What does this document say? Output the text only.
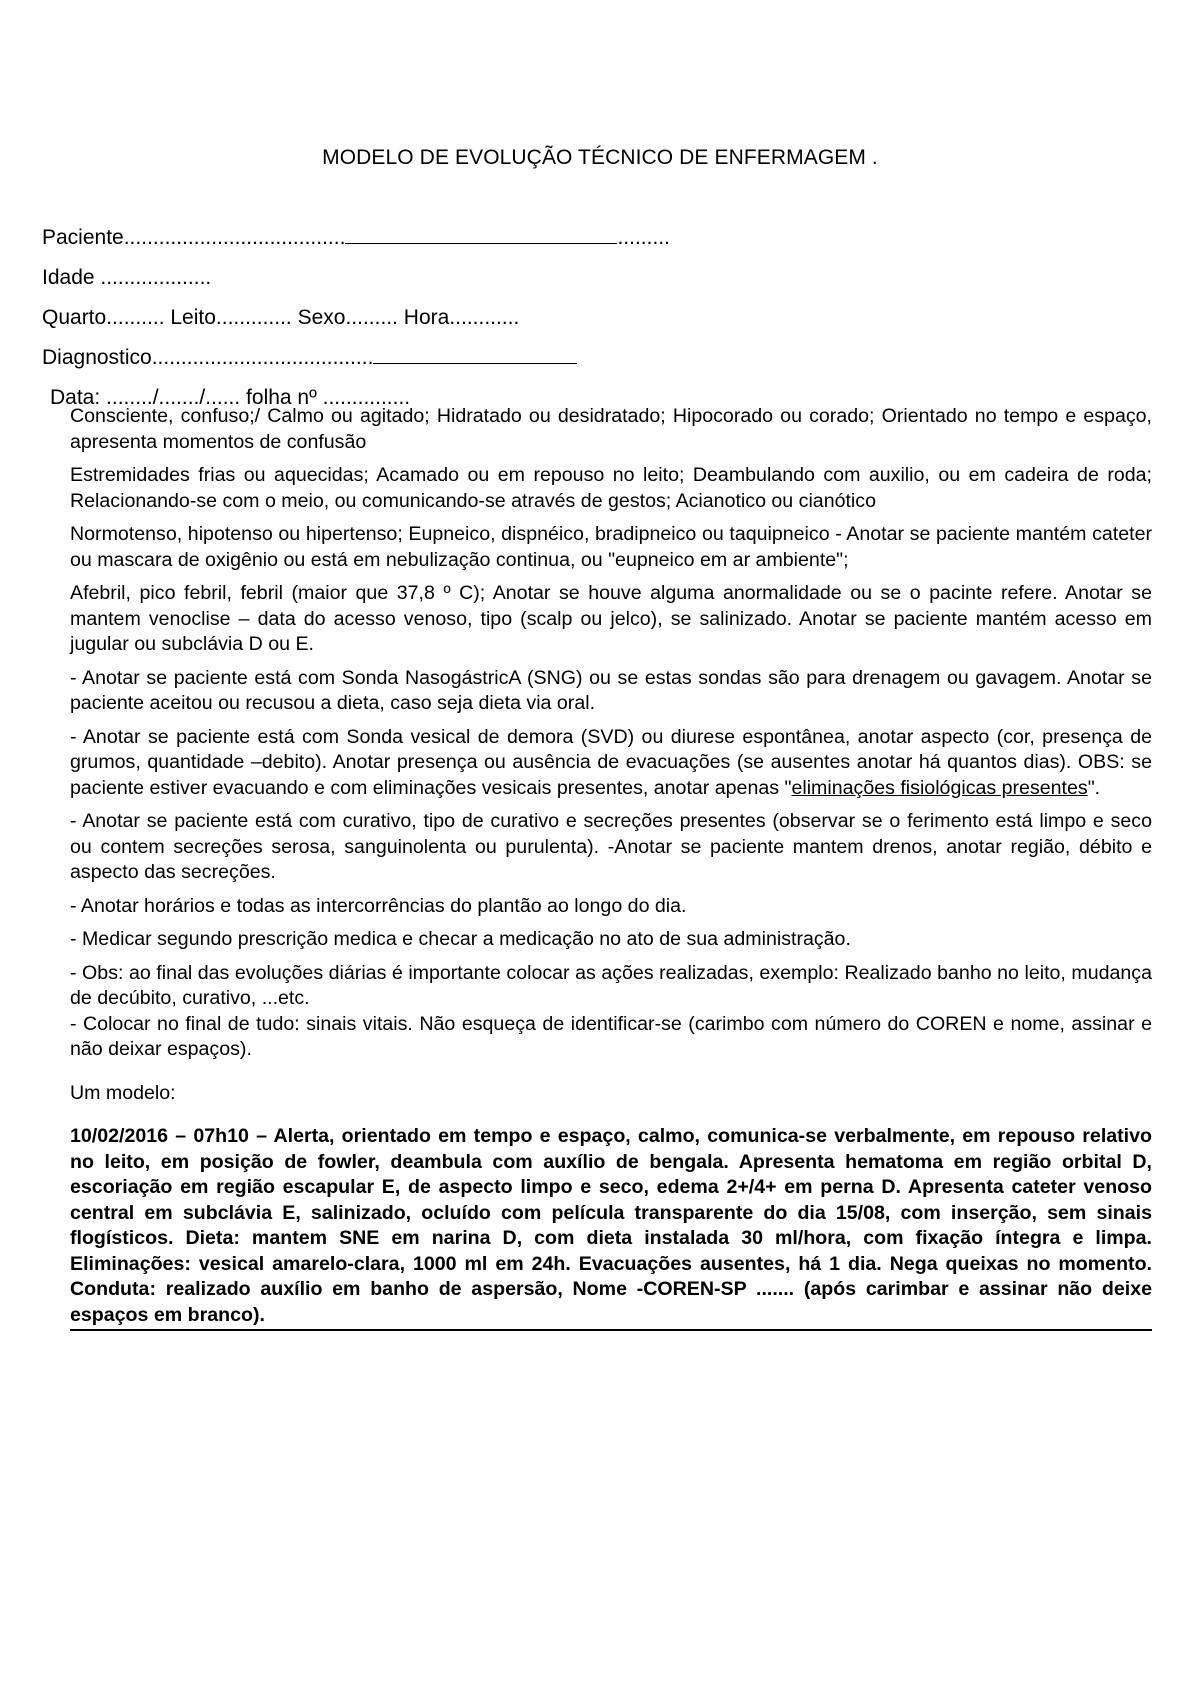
MODELO DE EVOLUÇÃO TÉCNICO DE ENFERMAGEM .
Paciente......................................	.........
Idade ...................
Quarto.......... Leito............. Sexo......... Hora............
Diagnostico......................................
Data: ......../......./...... folha nº ...............

Consciente, confuso;/ Calmo ou agitado; Hidratado ou desidratado; Hipocorado ou corado; Orientado no tempo e espaço, apresenta momentos de confusão

Estremidades frias ou aquecidas; Acamado ou em repouso no leito; Deambulando com auxilio, ou em cadeira de roda; Relacionando-se com o meio, ou comunicando-se através de gestos; Acianotico ou cianótico

Normotenso, hipotenso ou hipertenso; Eupneico, dispnéico, bradipneico ou taquipneico - Anotar se paciente mantém cateter ou mascara de oxigênio ou está em nebulização continua, ou "eupneico em ar ambiente";

Afebril, pico febril, febril (maior que 37,8 º C); Anotar se houve alguma anormalidade ou se o pacinte refere. Anotar se mantem venoclise – data do acesso venoso, tipo (scalp ou jelco), se salinizado. Anotar se paciente mantém acesso em jugular ou subclávia D ou E.

- Anotar se paciente está com Sonda NasogástricA (SNG) ou se estas sondas são para drenagem ou gavagem. Anotar se paciente aceitou ou recusou a dieta, caso seja dieta via oral.

- Anotar se paciente está com Sonda vesical de demora (SVD) ou diurese espontânea, anotar aspecto (cor, presença de grumos, quantidade –debito). Anotar presença ou ausência de evacuações (se ausentes anotar há quantos dias). OBS: se paciente estiver evacuando e com eliminações vesicais presentes, anotar apenas "eliminações fisiológicas presentes".

- Anotar se paciente está com curativo, tipo de curativo e secreções presentes (observar se o ferimento está limpo e seco ou contem secreções serosa, sanguinolenta ou purulenta). -Anotar se paciente mantem drenos, anotar região, débito e aspecto das secreções.

- Anotar horários e todas as intercorrências do plantão ao longo do dia.

- Medicar segundo prescrição medica e checar a medicação no ato de sua administração.

- Obs: ao final das evoluções diárias é importante colocar as ações realizadas, exemplo: Realizado banho no leito, mudança de decúbito, curativo, ...etc.

- Colocar no final de tudo: sinais vitais. Não esqueça de identificar-se (carimbo com número do COREN e nome, assinar e não deixar espaços).

Um modelo:

10/02/2016 – 07h10 – Alerta, orientado em tempo e espaço, calmo, comunica-se verbalmente, em repouso relativo no leito, em posição de fowler, deambula com auxílio de bengala. Apresenta hematoma em região orbital D, escoriação em região escapular E, de aspecto limpo e seco, edema 2+/4+ em perna D. Apresenta cateter venoso central em subclávia E, salinizado, ocluído com película transparente do dia 15/08, com inserção, sem sinais flogísticos. Dieta: mantem SNE em narina D, com dieta instalada 30 ml/hora, com fixação íntegra e limpa. Eliminações: vesical amarelo-clara, 1000 ml em 24h. Evacuações ausentes, há 1 dia. Nega queixas no momento. Conduta: realizado auxílio em banho de aspersão, Nome -COREN-SP ....... (após carimbar e assinar não deixe espaços em branco).
